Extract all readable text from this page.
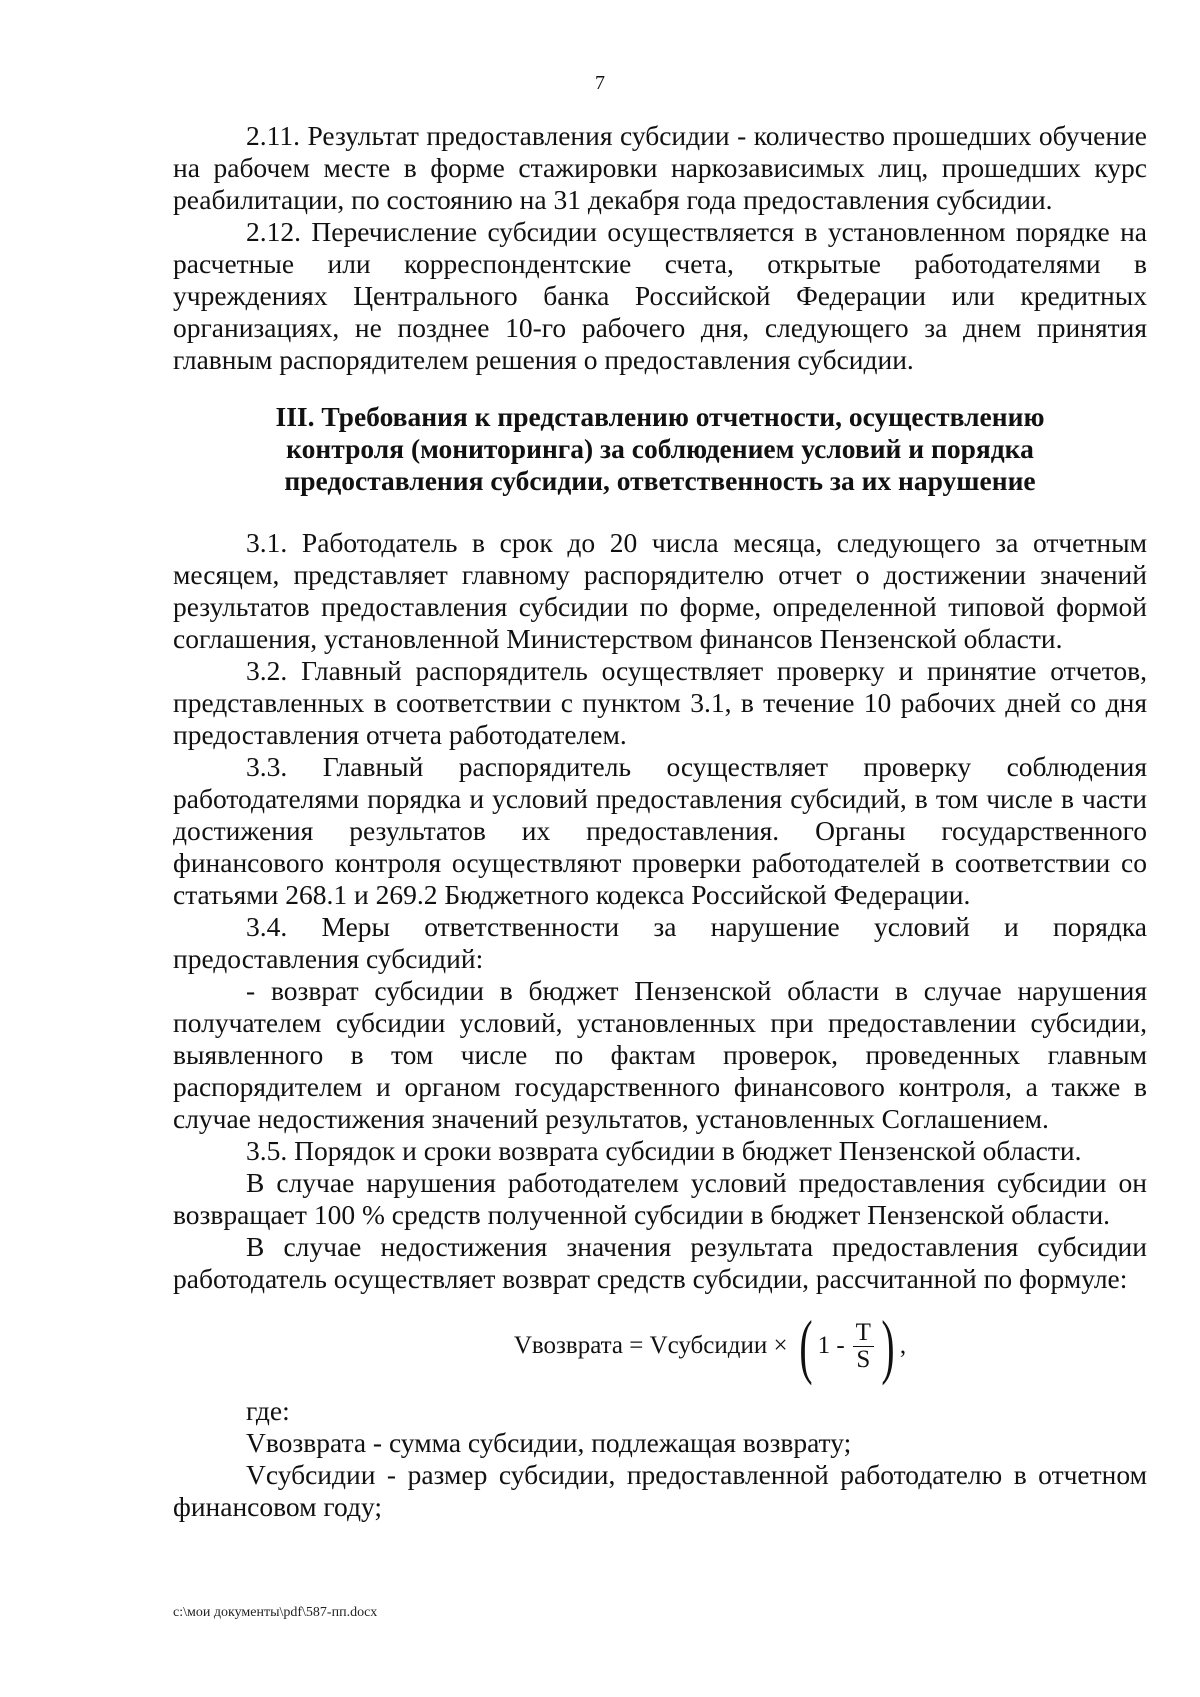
7

2.11. Результат предоставления субсидии - количество прошедших обучение на рабочем месте в форме стажировки наркозависимых лиц, прошедших курс реабилитации, по состоянию на 31 декабря года предоставления субсидии.

2.12. Перечисление субсидии осуществляется в установленном порядке на расчетные или корреспондентские счета, открытые работодателями в учреждениях Центрального банка Российской Федерации или кредитных организациях, не позднее 10-го рабочего дня, следующего за днем принятия главным распорядителем решения о предоставления субсидии.

III. Требования к представлению отчетности, осуществлению
контроля (мониторинга) за соблюдением условий и порядка
предоставления субсидии, ответственность за их нарушение

3.1. Работодатель в срок до 20 числа месяца, следующего за отчетным месяцем, представляет главному распорядителю отчет о достижении значений результатов предоставления субсидии по форме, определенной типовой формой соглашения, установленной Министерством финансов Пензенской области.

3.2. Главный распорядитель осуществляет проверку и принятие отчетов, представленных в соответствии с пунктом 3.1, в течение 10 рабочих дней со дня предоставления отчета работодателем.

3.3. Главный распорядитель осуществляет проверку соблюдения работодателями порядка и условий предоставления субсидий, в том числе в части достижения результатов их предоставления. Органы государственного финансового контроля осуществляют проверки работодателей в соответствии со статьями 268.1 и 269.2 Бюджетного кодекса Российской Федерации.

3.4. Меры ответственности за нарушение условий и порядка предоставления субсидий:

- возврат субсидии в бюджет Пензенской области в случае нарушения получателем субсидии условий, установленных при предоставлении субсидии, выявленного в том числе по фактам проверок, проведенных главным распорядителем и органом государственного финансового контроля, а также в случае недостижения значений результатов, установленных Соглашением.

3.5. Порядок и сроки возврата субсидии в бюджет Пензенской области.

В случае нарушения работодателем условий предоставления субсидии он возвращает 100 % средств полученной субсидии в бюджет Пензенской области.

В случае недостижения значения результата предоставления субсидии работодатель осуществляет возврат средств субсидии, рассчитанной по формуле:

Vвозврата = Vсубсидии × ( $1 - \frac{T}{S}$ ) ,

где:

Vвозврата - сумма субсидии, подлежащая возврату;

Vсубсидии - размер субсидии, предоставленной работодателю в отчетном финансовом году;

c:\мои документы\pdf\587-пп.docx
